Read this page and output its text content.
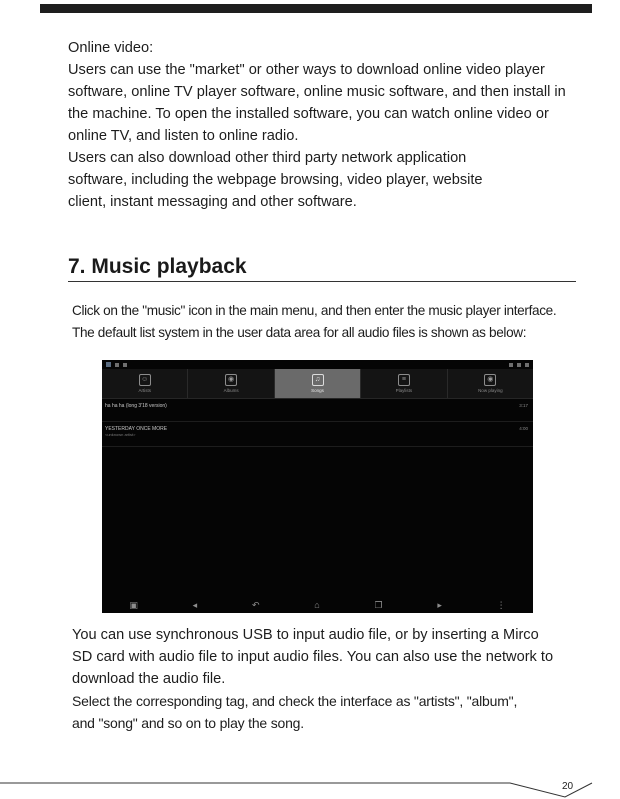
Online video:

Users can use the "market" or other ways to download online video player

software, online TV player software, online music software, and then install in

the machine. To open the installed software, you can watch online video or

online TV, and listen to online radio.

Users can also download other third party network application

software, including the webpage browsing, video player, website

client, instant messaging and other software.

7. Music playback

Click on the "music" icon in the main menu, and then enter the music player interface.

The default list system in the user data area for all audio files is shown as below:

☺
Artists
◉
Albums
♫
Songs
≡
Playlists
◉
Now playing
ha ha ha (long 3'18 version)	3:17
YESTERDAY ONCE MORE
<unknown artist>
4:00
▣	◂	↶	⌂	❐	▸	⋮

You can use synchronous USB to input audio file, or by inserting a Mirco

SD card with audio file to input audio files. You can also use the network to

download the audio file.

Select the corresponding tag, and check the interface as "artists", "album",

and "song" and so on to play the song.

20
